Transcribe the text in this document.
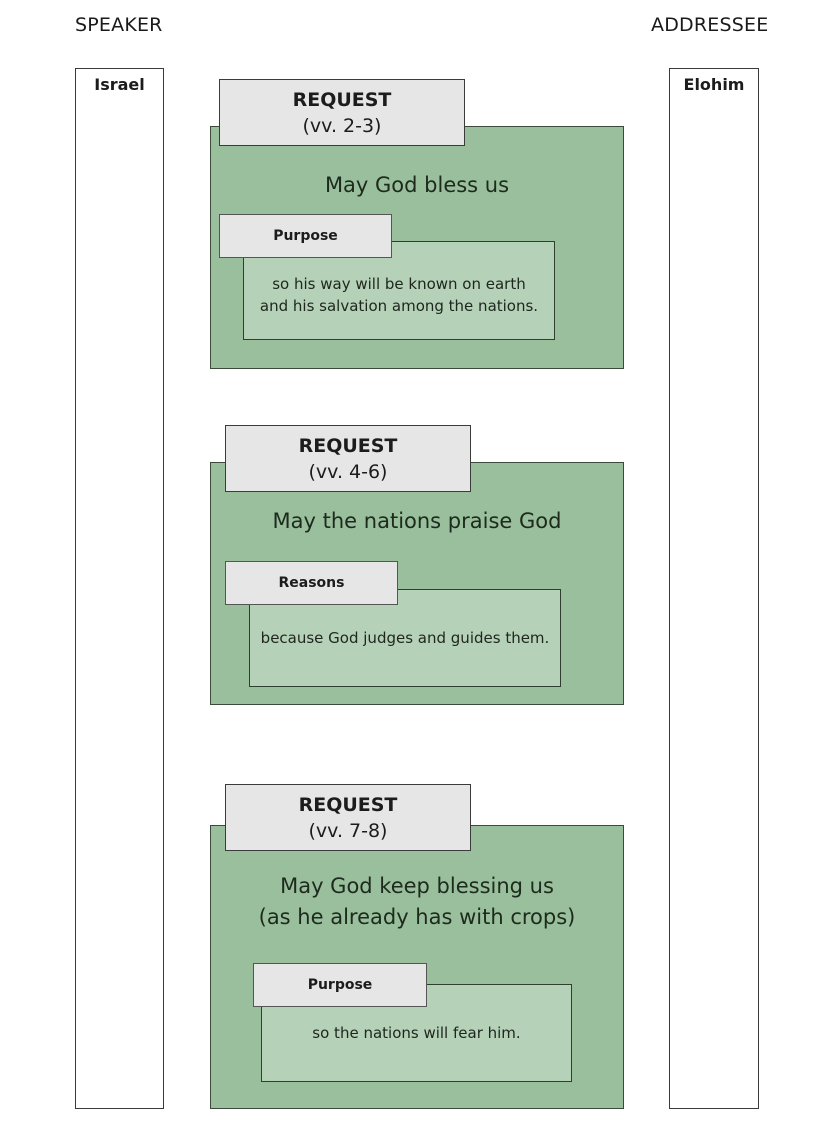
SPEAKER	ADDRESSEE
Israel	Elohim
REQUEST
(vv. 2-3)
May God bless us
so his way will be known on earth
and his salvation among the nations.
Purpose
REQUEST
(vv. 4-6)
May the nations praise God
because God judges and guides them.
Reasons
REQUEST
(vv. 7-8)
May God keep blessing us
(as he already has with crops)
so the nations will fear him.
Purpose
